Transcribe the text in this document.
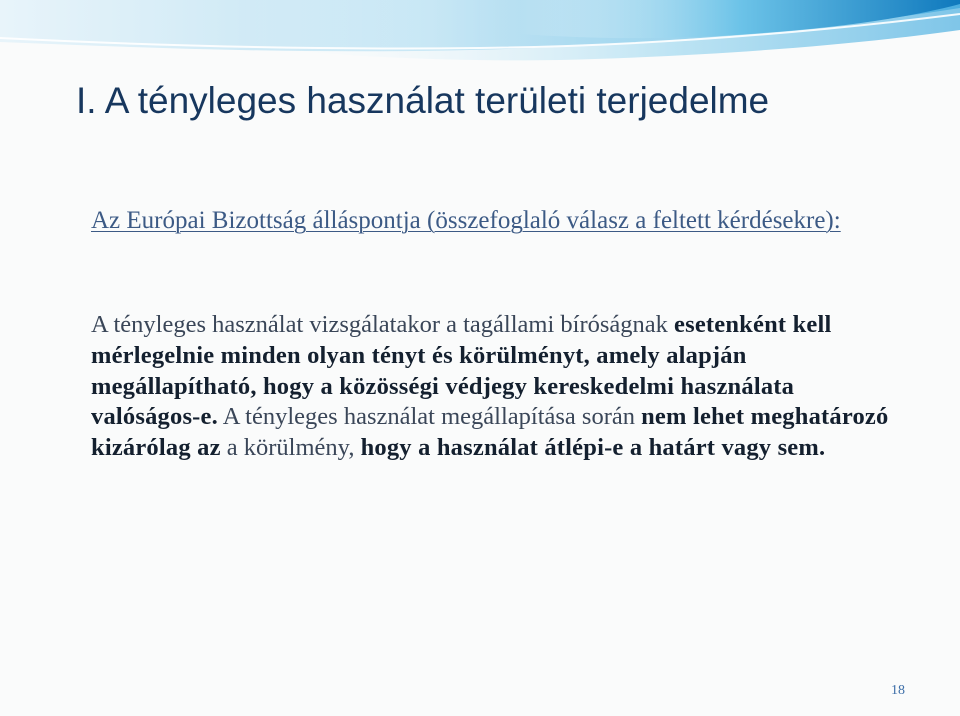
I. A tényleges használat területi terjedelme
Az Európai Bizottság álláspontja (összefoglaló válasz a feltett kérdésekre):
A tényleges használat vizsgálatakor a tagállami bíróságnak esetenként kell mérlegelnie minden olyan tényt és körülményt, amely alapján megállapítható, hogy a közösségi védjegy kereskedelmi használata valóságos-e. A tényleges használat megállapítása során nem lehet meghatározó kizárólag az a körülmény, hogy a használat átlépi-e a határt vagy sem.
18
